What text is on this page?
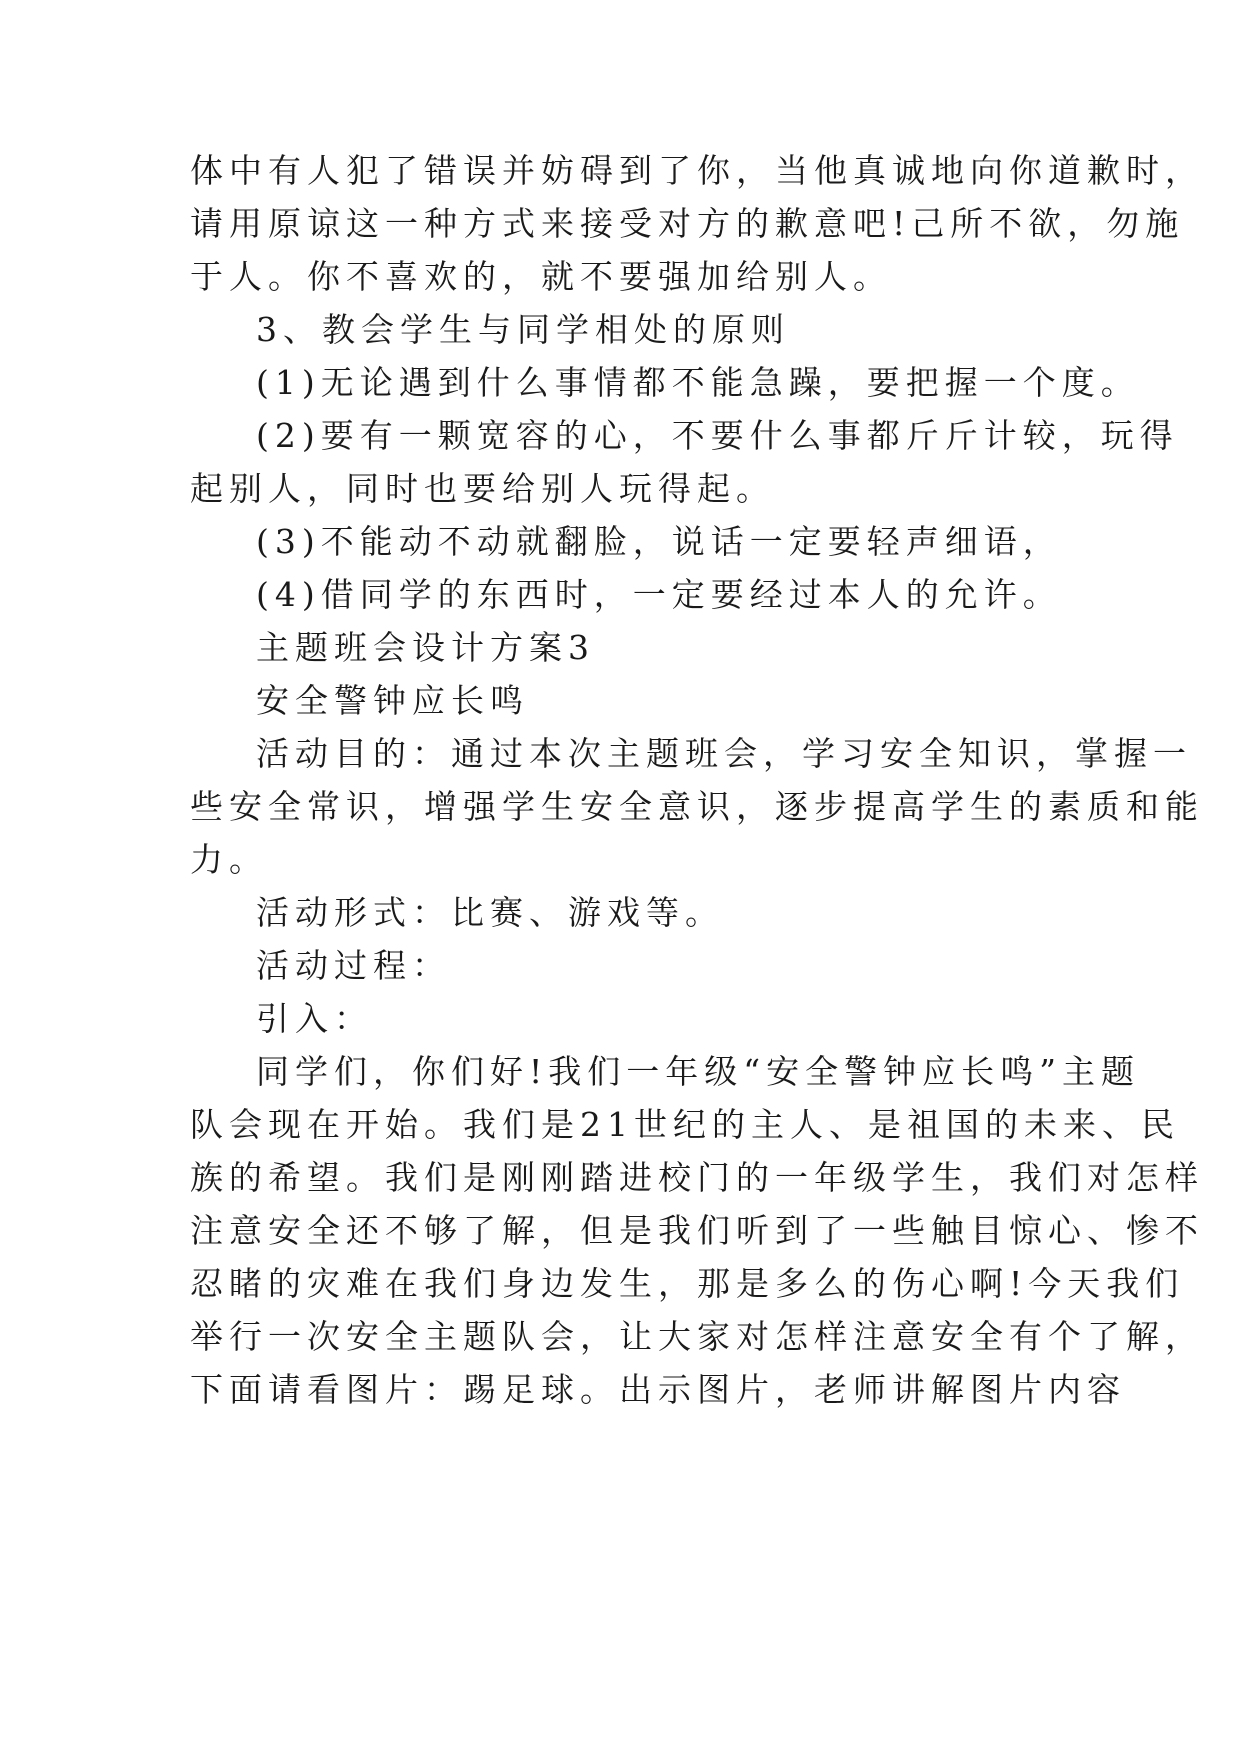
体中有人犯了错误并妨碍到了你，当他真诚地向你道歉时，
请用原谅这一种方式来接受对方的歉意吧!己所不欲，勿施
于人。你不喜欢的，就不要强加给别人。
3、教会学生与同学相处的原则
(1)无论遇到什么事情都不能急躁，要把握一个度。
(2)要有一颗宽容的心，不要什么事都斤斤计较，玩得
起别人，同时也要给别人玩得起。
(3)不能动不动就翻脸，说话一定要轻声细语，
(4)借同学的东西时，一定要经过本人的允许。
主题班会设计方案3
安全警钟应长鸣
活动目的：通过本次主题班会，学习安全知识，掌握一
些安全常识，增强学生安全意识，逐步提高学生的素质和能
力。
活动形式：比赛、游戏等。
活动过程：
引入：
同学们，你们好!我们一年级“安全警钟应长鸣”主题
队会现在开始。我们是21世纪的主人、是祖国的未来、民
族的希望。我们是刚刚踏进校门的一年级学生，我们对怎样
注意安全还不够了解，但是我们听到了一些触目惊心、惨不
忍睹的灾难在我们身边发生，那是多么的伤心啊!今天我们
举行一次安全主题队会，让大家对怎样注意安全有个了解，
下面请看图片：踢足球。出示图片，老师讲解图片内容
